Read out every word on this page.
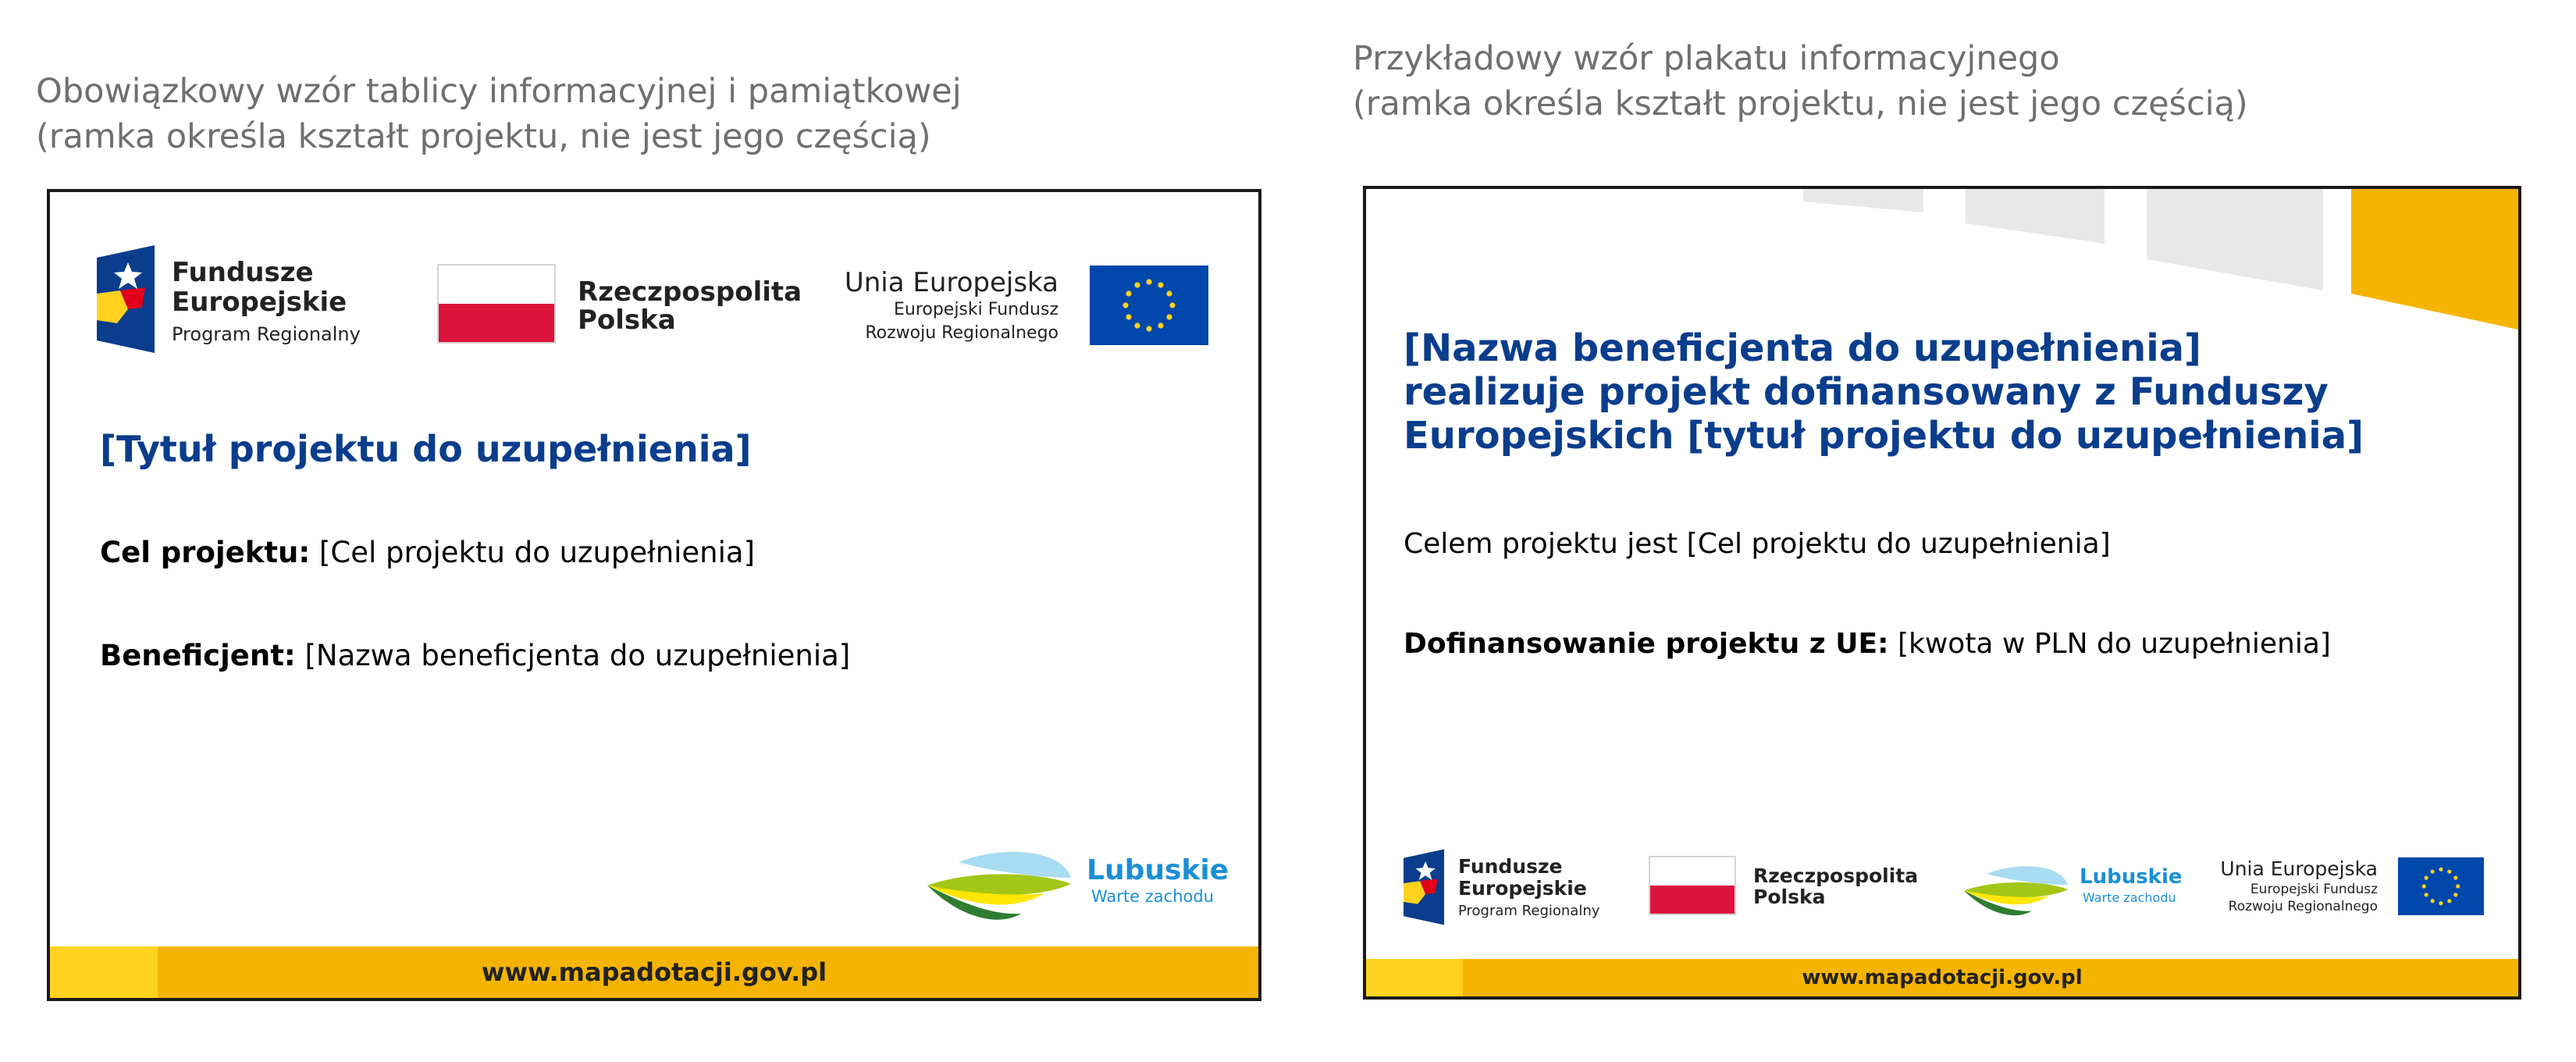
Obowiązkowy wzór tablicy informacyjnej i pamiątkowej
(ramka określa kształt projektu, nie jest jego częścią)
Przykładowy wzór plakatu informacyjnego
(ramka określa kształt projektu, nie jest jego częścią)
Fundusze
Europejskie
Program Regionalny
Rzeczpospolita
Polska
Unia Europejska
Europejski Fundusz
Rozwoju Regionalnego
[Tytuł projektu do uzupełnienia]
Cel projektu: [Cel projektu do uzupełnienia]
Beneficjent: [Nazwa beneficjenta do uzupełnienia]
Lubuskie
Warte zachodu
www.mapadotacji.gov.pl
[Nazwa beneficjenta do uzupełnienia]
realizuje projekt dofinansowany z Funduszy
Europejskich [tytuł projektu do uzupełnienia]
Celem projektu jest [Cel projektu do uzupełnienia]
Dofinansowanie projektu z UE: [kwota w PLN do uzupełnienia]
Fundusze
Europejskie
Program Regionalny
Rzeczpospolita
Polska
Lubuskie
Warte zachodu
Unia Europejska
Europejski Fundusz
Rozwoju Regionalnego
www.mapadotacji.gov.pl
